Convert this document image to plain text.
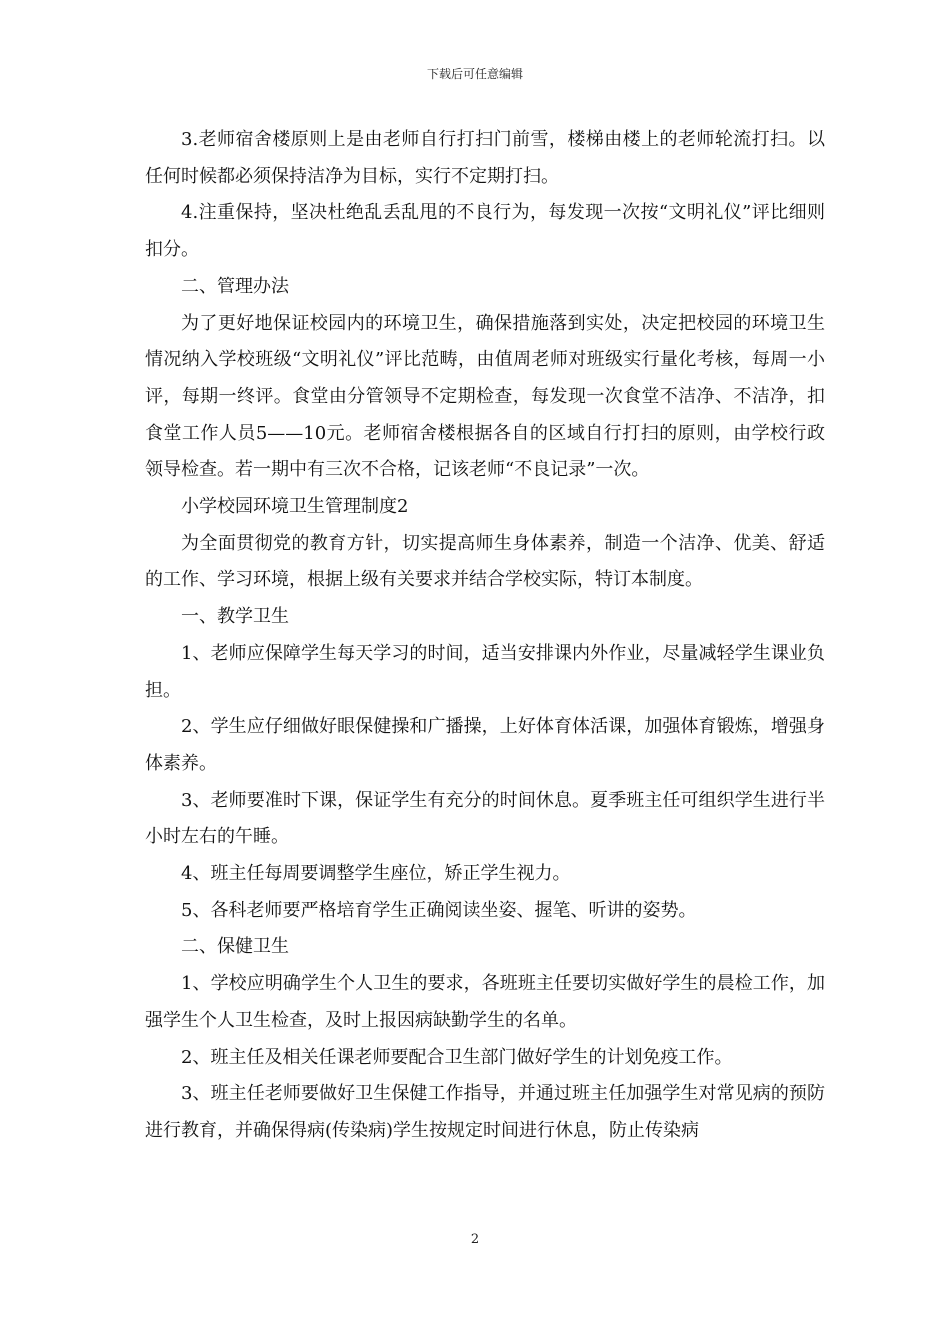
下载后可任意编辑

3.老师宿舍楼原则上是由老师自行打扫门前雪，楼梯由楼上的老师轮流打扫。以任何时候都必须保持洁净为目标，实行不定期打扫。

4.注重保持，坚决杜绝乱丢乱甩的不良行为，每发现一次按“文明礼仪”评比细则扣分。

二、管理办法

为了更好地保证校园内的环境卫生，确保措施落到实处，决定把校园的环境卫生情况纳入学校班级“文明礼仪”评比范畴，由值周老师对班级实行量化考核，每周一小评，每期一终评。食堂由分管领导不定期检查，每发现一次食堂不洁净、不洁净，扣食堂工作人员5——10元。老师宿舍楼根据各自的区域自行打扫的原则，由学校行政领导检查。若一期中有三次不合格，记该老师“不良记录”一次。

小学校园环境卫生管理制度2

为全面贯彻党的教育方针，切实提高师生身体素养，制造一个洁净、优美、舒适的工作、学习环境，根据上级有关要求并结合学校实际，特订本制度。

一、教学卫生

1、老师应保障学生每天学习的时间，适当安排课内外作业，尽量减轻学生课业负担。

2、学生应仔细做好眼保健操和广播操，上好体育体活课，加强体育锻炼，增强身体素养。

3、老师要准时下课，保证学生有充分的时间休息。夏季班主任可组织学生进行半小时左右的午睡。

4、班主任每周要调整学生座位，矫正学生视力。

5、各科老师要严格培育学生正确阅读坐姿、握笔、听讲的姿势。

二、保健卫生

1、学校应明确学生个人卫生的要求，各班班主任要切实做好学生的晨检工作，加强学生个人卫生检查，及时上报因病缺勤学生的名单。

2、班主任及相关任课老师要配合卫生部门做好学生的计划免疫工作。

3、班主任老师要做好卫生保健工作指导，并通过班主任加强学生对常见病的预防进行教育，并确保得病(传染病)学生按规定时间进行休息，防止传染病

2
